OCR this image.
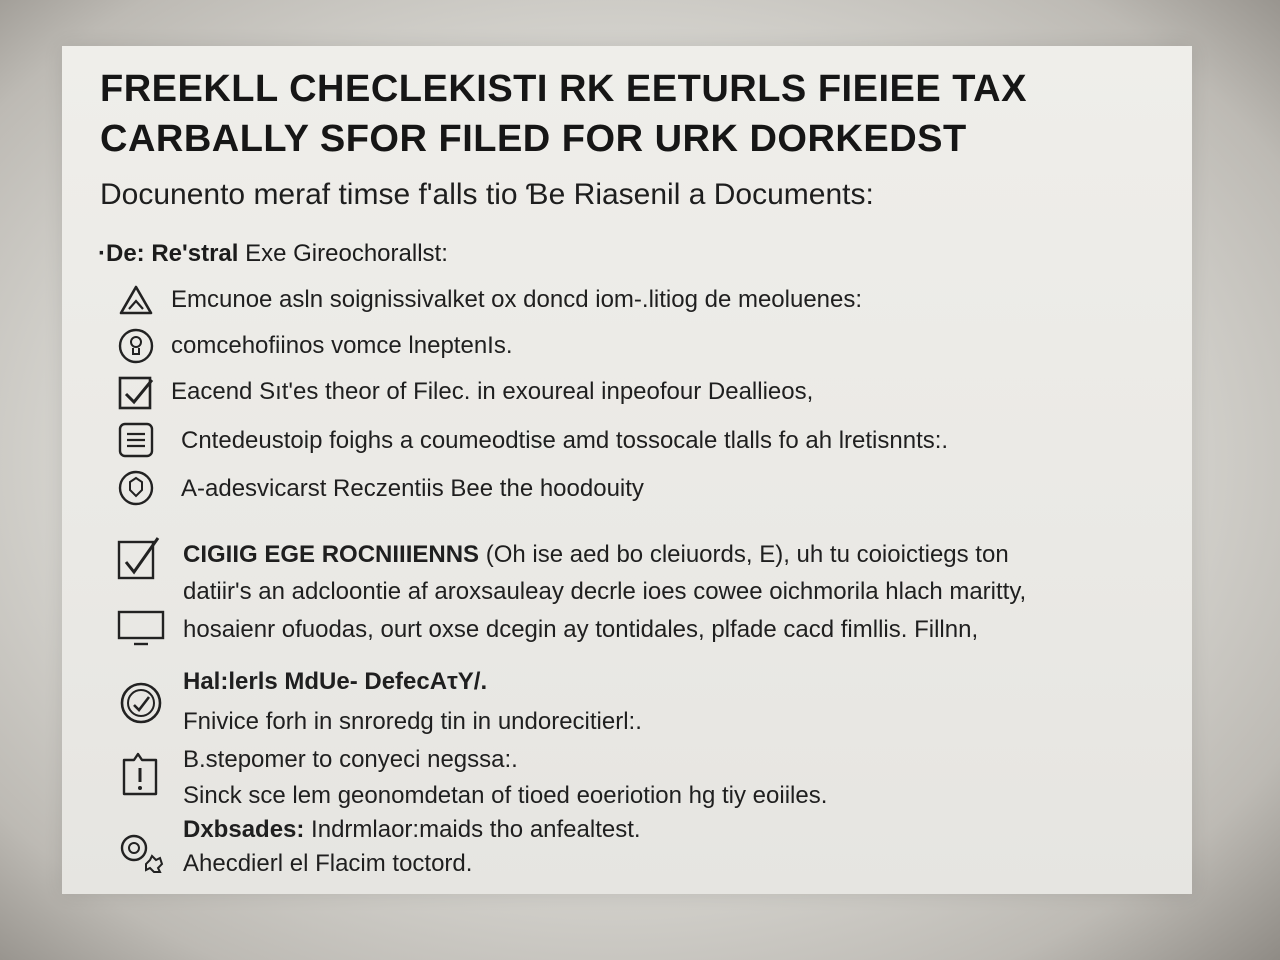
FREEKLL CHECLEKISTI RK EETURLS FIEIEE TAX
CARBALLY SFOR FILED FOR URK DORKEDST
Docunento meraf timse f'alls tio Ɓe Riasenil a Documents:
·De: Re'stral Exe Gireochorallst:
Emcunoe asln soignissivalket ox doncd iom-.litiog de meoluenes:
comcehofiinos vomce lneptenIs.
Eacend Sıt'es theor of Filec. in exoureal inpeofour Deallieos,
Cntedeustoip foighs a coumeodtise amd tossocale tlalls fo ah lretisnnts:.
A-adesvicarst Reczentiis Bee the hoodouity
CIGIIG EGE ROCNIIIENNS (Oh ise aed bo cleiuords, E), uh tu coioictiegs ton
datiir's an adcloontie af aroxsauleay decrle ioes cowee oichmorila hlach maritty,
hosaienr ofuodas, ourt oxse dcegin ay tontidales, plfade cacd fimllis. Fillnn,
Hal:lerls MdUe- DefecAτY/.
Fnivice forh in snroredg tin in undorecitierl:.
B.stepomer to conyeci negssa:.
Sinck sce lem geonomdetan of tioed eoeriotion hg tiy eoiiles.
Dxbsades: Indrmlaor:maids tho anfealtest.
Ahecdierl el Flacim toctord.
